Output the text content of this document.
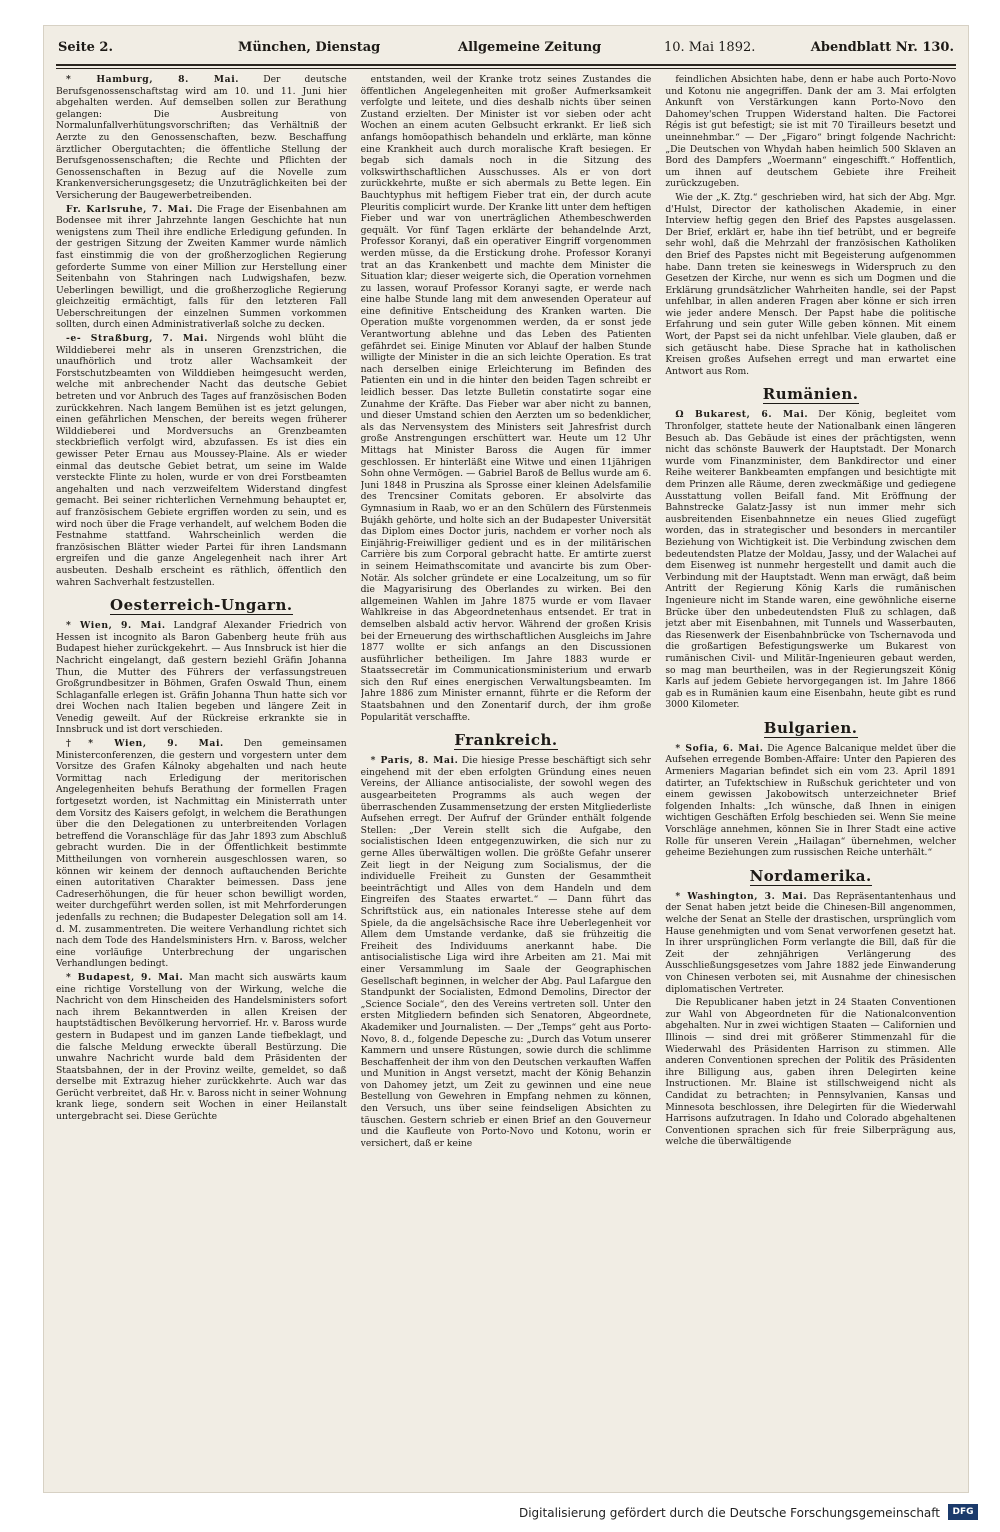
Seite 2.	München, Dienstag	Allgemeine Zeitung	10. Mai 1892.	Abendblatt Nr. 130.

* Hamburg, 8. Mai.	Der deutsche Berufsgenossenschaftstag wird am 10. und 11. Juni hier abgehalten werden. Auf demselben sollen zur Berathung gelangen: Die Ausbreitung von Normalunfallverhütungsvorschriften; das Verhältniß der Aerzte zu den Genossenschaften, bezw. Beschaffung ärztlicher Obergutachten; die öffentliche Stellung der Berufsgenossenschaften; die Rechte und Pflichten der Genossenschaften in Bezug auf die Novelle zum Krankenversicherungsgesetz; die Unzuträglichkeiten bei der Versicherung der Baugewerbetreibenden.

Fr. Karlsruhe, 7. Mai. Die Frage der Eisenbahnen am Bodensee mit ihrer Jahrzehnte langen Geschichte hat nun wenigstens zum Theil ihre endliche Erledigung gefunden. In der gestrigen Sitzung der Zweiten Kammer wurde nämlich fast einstimmig die von der großherzoglichen Regierung geforderte Summe von einer Million zur Herstellung einer Seitenbahn von Stahringen nach Ludwigshafen, bezw. Ueberlingen bewilligt, und die großherzogliche Regierung gleichzeitig ermächtigt, falls für den letzteren Fall Ueberschreitungen der einzelnen Summen vorkommen sollten, durch einen Administrativerlaß solche zu decken.

-e- Straßburg, 7. Mai. Nirgends wohl blüht die Wilddieberei mehr als in unseren Grenzstrichen, die unaufhörlich und trotz aller Wachsamkeit der Forstschutzbeamten von Wilddieben heimgesucht werden, welche mit anbrechender Nacht das deutsche Gebiet betreten und vor Anbruch des Tages auf französischen Boden zurückkehren. Nach langem Bemühen ist es jetzt gelungen, einen gefährlichen Menschen, der bereits wegen früherer Wilddieberei und Mordversuchs an Grenzbeamten steckbrieflich verfolgt wird, abzufassen. Es ist dies ein gewisser Peter Ernau aus Moussey-Plaine. Als er wieder einmal das deutsche Gebiet betrat, um seine im Walde versteckte Flinte zu holen, wurde er von drei Forstbeamten angehalten und nach verzweifeltem Widerstand dingfest gemacht. Bei seiner richterlichen Vernehmung behauptet er, auf französischem Gebiete ergriffen worden zu sein, und es wird noch über die Frage verhandelt, auf welchem Boden die Festnahme stattfand. Wahrscheinlich werden die französischen Blätter wieder Partei für ihren Landsmann ergreifen und die ganze Angelegenheit nach ihrer Art ausbeuten. Deshalb erscheint es räthlich, öffentlich den wahren Sachverhalt festzustellen.

Oesterreich-Ungarn.

* Wien, 9. Mai. Landgraf Alexander Friedrich von Hessen ist incognito als Baron Gabenberg heute früh aus Budapest hieher zurückgekehrt. — Aus Innsbruck ist hier die Nachricht eingelangt, daß gestern beziehl Gräfin Johanna Thun, die Mutter des Führers der verfassungstreuen Großgrundbesitzer in Böhmen, Grafen Oswald Thun, einem Schlaganfalle erlegen ist. Gräfin Johanna Thun hatte sich vor drei Wochen nach Italien begeben und längere Zeit in Venedig geweilt. Auf der Rückreise erkrankte sie in Innsbruck und ist dort verschieden.

†* Wien, 9. Mai. Den gemeinsamen Ministerconferenzen, die gestern und vorgestern unter dem Vorsitze des Grafen Kálnoky abgehalten und nach heute Vormittag nach Erledigung der meritorischen Angelegenheiten behufs Berathung der formellen Fragen fortgesetzt worden, ist Nachmittag ein Ministerrath unter dem Vorsitz des Kaisers gefolgt, in welchem die Berathungen über die den Delegationen zu unterbreitenden Vorlagen betreffend die Voranschläge für das Jahr 1893 zum Abschluß gebracht wurden. Die in der Öffentlichkeit bestimmte Mittheilungen von vornherein ausgeschlossen waren, so können wir keinem der dennoch auftauchenden Berichte einen autoritativen Charakter beimessen. Dass jene Cadreserhöhungen, die für heuer schon bewilligt worden, weiter durchgeführt werden sollen, ist mit Mehrforderungen jedenfalls zu rechnen; die Budapester Delegation soll am 14. d. M. zusammentreten. Die weitere Verhandlung richtet sich nach dem Tode des Handelsministers Hrn. v. Baross, welcher eine vorläufige Unterbrechung der ungarischen Verhandlungen bedingt.

* Budapest, 9. Mai. Man macht sich auswärts kaum eine richtige Vorstellung von der Wirkung, welche die Nachricht von dem Hinscheiden des Handelsministers sofort nach ihrem Bekanntwerden in allen Kreisen der hauptstädtischen Bevölkerung hervorrief. Hr. v. Baross wurde gestern in Budapest und im ganzen Lande tiefbeklagt, und die falsche Meldung erweckte überall Bestürzung. Die unwahre Nachricht wurde bald dem Präsidenten der Staatsbahnen, der in der Provinz weilte, gemeldet, so daß derselbe mit Extrazug hieher zurückkehrte. Auch war das Gerücht verbreitet, daß Hr. v. Baross nicht in seiner Wohnung krank liege, sondern seit Wochen in einer Heilanstalt untergebracht sei. Diese Gerüchte

entstanden, weil der Kranke trotz seines Zustandes die öffentlichen Angelegenheiten mit großer Aufmerksamkeit verfolgte und leitete, und dies deshalb nichts über seinen Zustand erzielten. Der Minister ist vor sieben oder acht Wochen an einem acuten Gelbsucht erkrankt. Er ließ sich anfangs homöopathisch behandeln und erklärte, man könne eine Krankheit auch durch moralische Kraft besiegen. Er begab sich damals noch in die Sitzung des volkswirthschaftlichen Ausschusses. Als er von dort zurückkehrte, mußte er sich abermals zu Bette legen. Ein Bauchtyphus mit heftigem Fieber trat ein, der durch acute Pleuritis complicirt wurde. Der Kranke litt unter dem heftigen Fieber und war von unerträglichen Athembeschwerden gequält. Vor fünf Tagen erklärte der behandelnde Arzt, Professor Koranyi, daß ein operativer Eingriff vorgenommen werden müsse, da die Erstickung drohe. Professor Koranyi trat an das Krankenbett und machte dem Minister die Situation klar; dieser weigerte sich, die Operation vornehmen zu lassen, worauf Professor Koranyi sagte, er werde nach eine halbe Stunde lang mit dem anwesenden Operateur auf eine definitive Entscheidung des Kranken warten. Die Operation mußte vorgenommen werden, da er sonst jede Verantwortung ablehne und das Leben des Patienten gefährdet sei. Einige Minuten vor Ablauf der halben Stunde willigte der Minister in die an sich leichte Operation. Es trat nach derselben einige Erleichterung im Befinden des Patienten ein und in die hinter den beiden Tagen schreibt er leidlich besser. Das letzte Bulletin constatirte sogar eine Zunahme der Kräfte. Das Fieber war aber nicht zu bannen, und dieser Umstand schien den Aerzten um so bedenklicher, als das Nervensystem des Ministers seit Jahresfrist durch große Anstrengungen erschüttert war. Heute um 12 Uhr Mittags hat Minister Baross die Augen für immer geschlossen. Er hinterläßt eine Witwe und einen 11jährigen Sohn ohne Vermögen. — Gabriel Baroß de Bellus wurde am 6. Juni 1848 in Pruszina als Sprosse einer kleinen Adelsfamilie des Trencsiner Comitats geboren. Er absolvirte das Gymnasium in Raab, wo er an den Schülern des Fürstenmeis Bujákh gehörte, und holte sich an der Budapester Universität das Diplom eines Doctor juris, nachdem er vorher noch als Einjährig-Freiwilliger gedient und es in der militärischen Carrière bis zum Corporal gebracht hatte. Er amtirte zuerst in seinem Heimathscomitate und avancirte bis zum Ober-Notär. Als solcher gründete er eine Localzeitung, um so für die Magyarisirung des Oberlandes zu wirken. Bei den allgemeinen Wahlen im Jahre 1875 wurde er vom Ilavaer Wahlkreise in das Abgeordnetenhaus entsendet. Er trat in demselben alsbald activ hervor. Während der großen Krisis bei der Erneuerung des wirthschaftlichen Ausgleichs im Jahre 1877 wollte er sich anfangs an den Discussionen ausführlicher betheiligen. Im Jahre 1883 wurde er Staatssecretär im Communicationsministerium und erwarb sich den Ruf eines energischen Verwaltungsbeamten. Im Jahre 1886 zum Minister ernannt, führte er die Reform der Staatsbahnen und den Zonentarif durch, der ihm große Popularität verschaffte.

Frankreich.

* Paris, 8. Mai. Die hiesige Presse beschäftigt sich sehr eingehend mit der eben erfolgten Gründung eines neuen Vereins, der Alliance antisocialiste, der sowohl wegen des ausgearbeiteten Programms als auch wegen der überraschenden Zusammensetzung der ersten Mitgliederliste Aufsehen erregt. Der Aufruf der Gründer enthält folgende Stellen: „Der Verein stellt sich die Aufgabe, den socialistischen Ideen entgegenzuwirken, die sich nur zu gerne Alles überwältigen wollen. Die größte Gefahr unserer Zeit liegt in der Neigung zum Socialismus, der die individuelle Freiheit zu Gunsten der Gesammtheit beeinträchtigt und Alles von dem Handeln und dem Eingreifen des Staates erwartet.“ — Dann führt das Schriftstück aus, ein nationales Interesse stehe auf dem Spiele, da die angelsächsische Race ihre Ueberlegenheit vor Allem dem Umstande verdanke, daß sie frühzeitig die Freiheit des Individuums anerkannt habe. Die antisocialistische Liga wird ihre Arbeiten am 21. Mai mit einer Versammlung im Saale der Geographischen Gesellschaft beginnen, in welcher der Abg. Paul Lafargue den Standpunkt der Socialisten, Edmond Demolins, Director der „Science Sociale“, den des Vereins vertreten soll. Unter den ersten Mitgliedern befinden sich Senatoren, Abgeordnete, Akademiker und Journalisten. — Der „Temps“ geht aus Porto-Novo, 8. d., folgende Depesche zu: „Durch das Votum unserer Kammern und unsere Rüstungen, sowie durch die schlimme Beschaffenheit der ihm von den Deutschen verkauften Waffen und Munition in Angst versetzt, macht der König Behanzin von Dahomey jetzt, um Zeit zu gewinnen und eine neue Bestellung von Gewehren in Empfang nehmen zu können, den Versuch, uns über seine feindseligen Absichten zu täuschen. Gestern schrieb er einen Brief an den Gouverneur und die Kaufleute von Porto-Novo und Kotonu, worin er versichert, daß er keine

feindlichen Absichten habe, denn er habe auch Porto-Novo und Kotonu nie angegriffen. Dank der am 3. Mai erfolgten Ankunft von Verstärkungen kann Porto-Novo den Dahomey'schen Truppen Widerstand halten. Die Factorei Régis ist gut befestigt; sie ist mit 70 Tirailleurs besetzt und uneinnehmbar.“ — Der „Figaro“ bringt folgende Nachricht: „Die Deutschen von Whydah haben heimlich 500 Sklaven an Bord des Dampfers „Woermann“ eingeschifft.“ Hoffentlich, um ihnen auf deutschem Gebiete ihre Freiheit zurückzugeben.

Wie der „K. Ztg.“ geschrieben wird, hat sich der Abg. Mgr. d'Hulst, Director der katholischen Akademie, in einer Interview heftig gegen den Brief des Papstes ausgelassen. Der Brief, erklärt er, habe ihn tief betrübt, und er begreife sehr wohl, daß die Mehrzahl der französischen Katholiken den Brief des Papstes nicht mit Begeisterung aufgenommen habe. Dann treten sie keineswegs in Widerspruch zu den Gesetzen der Kirche, nur wenn es sich um Dogmen und die Erklärung grundsätzlicher Wahrheiten handle, sei der Papst unfehlbar, in allen anderen Fragen aber könne er sich irren wie jeder andere Mensch. Der Papst habe die politische Erfahrung und sein guter Wille geben können. Mit einem Wort, der Papst sei da nicht unfehlbar. Viele glauben, daß er sich getäuscht habe. Diese Sprache hat in katholischen Kreisen großes Aufsehen erregt und man erwartet eine Antwort aus Rom.

Rumänien.

Ω Bukarest, 6. Mai. Der König, begleitet vom Thronfolger, stattete heute der Nationalbank einen längeren Besuch ab. Das Gebäude ist eines der prächtigsten, wenn nicht das schönste Bauwerk der Hauptstadt. Der Monarch wurde vom Finanzminister, dem Bankdirector und einer Reihe weiterer Bankbeamten empfangen und besichtigte mit dem Prinzen alle Räume, deren zweckmäßige und gediegene Ausstattung vollen Beifall fand. Mit Eröffnung der Bahnstrecke Galatz-Jassy ist nun immer mehr sich ausbreitenden Eisenbahnnetze ein neues Glied zugefügt worden, das in strategischer und besonders in mercantiler Beziehung von Wichtigkeit ist. Die Verbindung zwischen dem bedeutendsten Platze der Moldau, Jassy, und der Walachei auf dem Eisenweg ist nunmehr hergestellt und damit auch die Verbindung mit der Hauptstadt. Wenn man erwägt, daß beim Antritt der Regierung König Karls die rumänischen Ingenieure nicht im Stande waren, eine gewöhnliche eiserne Brücke über den unbedeutendsten Fluß zu schlagen, daß jetzt aber mit Eisenbahnen, mit Tunnels und Wasserbauten, das Riesenwerk der Eisenbahnbrücke von Tschernavoda und die großartigen Befestigungswerke um Bukarest von rumänischen Civil- und Militär-Ingenieuren gebaut werden, so mag man beurtheilen, was in der Regierungszeit König Karls auf jedem Gebiete hervorgegangen ist. Im Jahre 1866 gab es in Rumänien kaum eine Eisenbahn, heute gibt es rund 3000 Kilometer.

Bulgarien.

* Sofia, 6. Mai. Die Agence Balcanique meldet über die Aufsehen erregende Bomben-Affaire: Unter den Papieren des Armeniers Magarian befindet sich ein vom 23. April 1891 datirter, an Tufektschiew in Rußschuk gerichteter und von einem gewissen Jakobowitsch unterzeichneter Brief folgenden Inhalts: „Ich wünsche, daß Ihnen in einigen wichtigen Geschäften Erfolg beschieden sei. Wenn Sie meine Vorschläge annehmen, können Sie in Ihrer Stadt eine active Rolle für unseren Verein „Hailagan“ übernehmen, welcher geheime Beziehungen zum russischen Reiche unterhält.“

Nordamerika.

* Washington, 3. Mai. Das Repräsentantenhaus und der Senat haben jetzt beide die Chinesen-Bill angenommen, welche der Senat an Stelle der drastischen, ursprünglich vom Hause genehmigten und vom Senat verworfenen gesetzt hat. In ihrer ursprünglichen Form verlangte die Bill, daß für die Zeit der zehnjährigen Verlängerung des Ausschließungsgesetzes vom Jahre 1882 jede Einwanderung von Chinesen verboten sei, mit Ausnahme der chinesischen diplomatischen Vertreter.

Die Republicaner haben jetzt in 24 Staaten Conventionen zur Wahl von Abgeordneten für die Nationalconvention abgehalten. Nur in zwei wichtigen Staaten — Californien und Illinois — sind drei mit größerer Stimmenzahl für die Wiederwahl des Präsidenten Harrison zu stimmen. Alle anderen Conventionen sprechen der Politik des Präsidenten ihre Billigung aus, gaben ihren Delegirten keine Instructionen. Mr. Blaine ist stillschweigend nicht als Candidat zu betrachten; in Pennsylvanien, Kansas und Minnesota beschlossen, ihre Delegirten für die Wiederwahl Harrisons aufzutragen. In Idaho und Colorado abgehaltenen Conventionen sprachen sich für freie Silberprägung aus, welche die überwältigende

Digitalisierung gefördert durch die Deutsche Forschungsgemeinschaft	DFG
